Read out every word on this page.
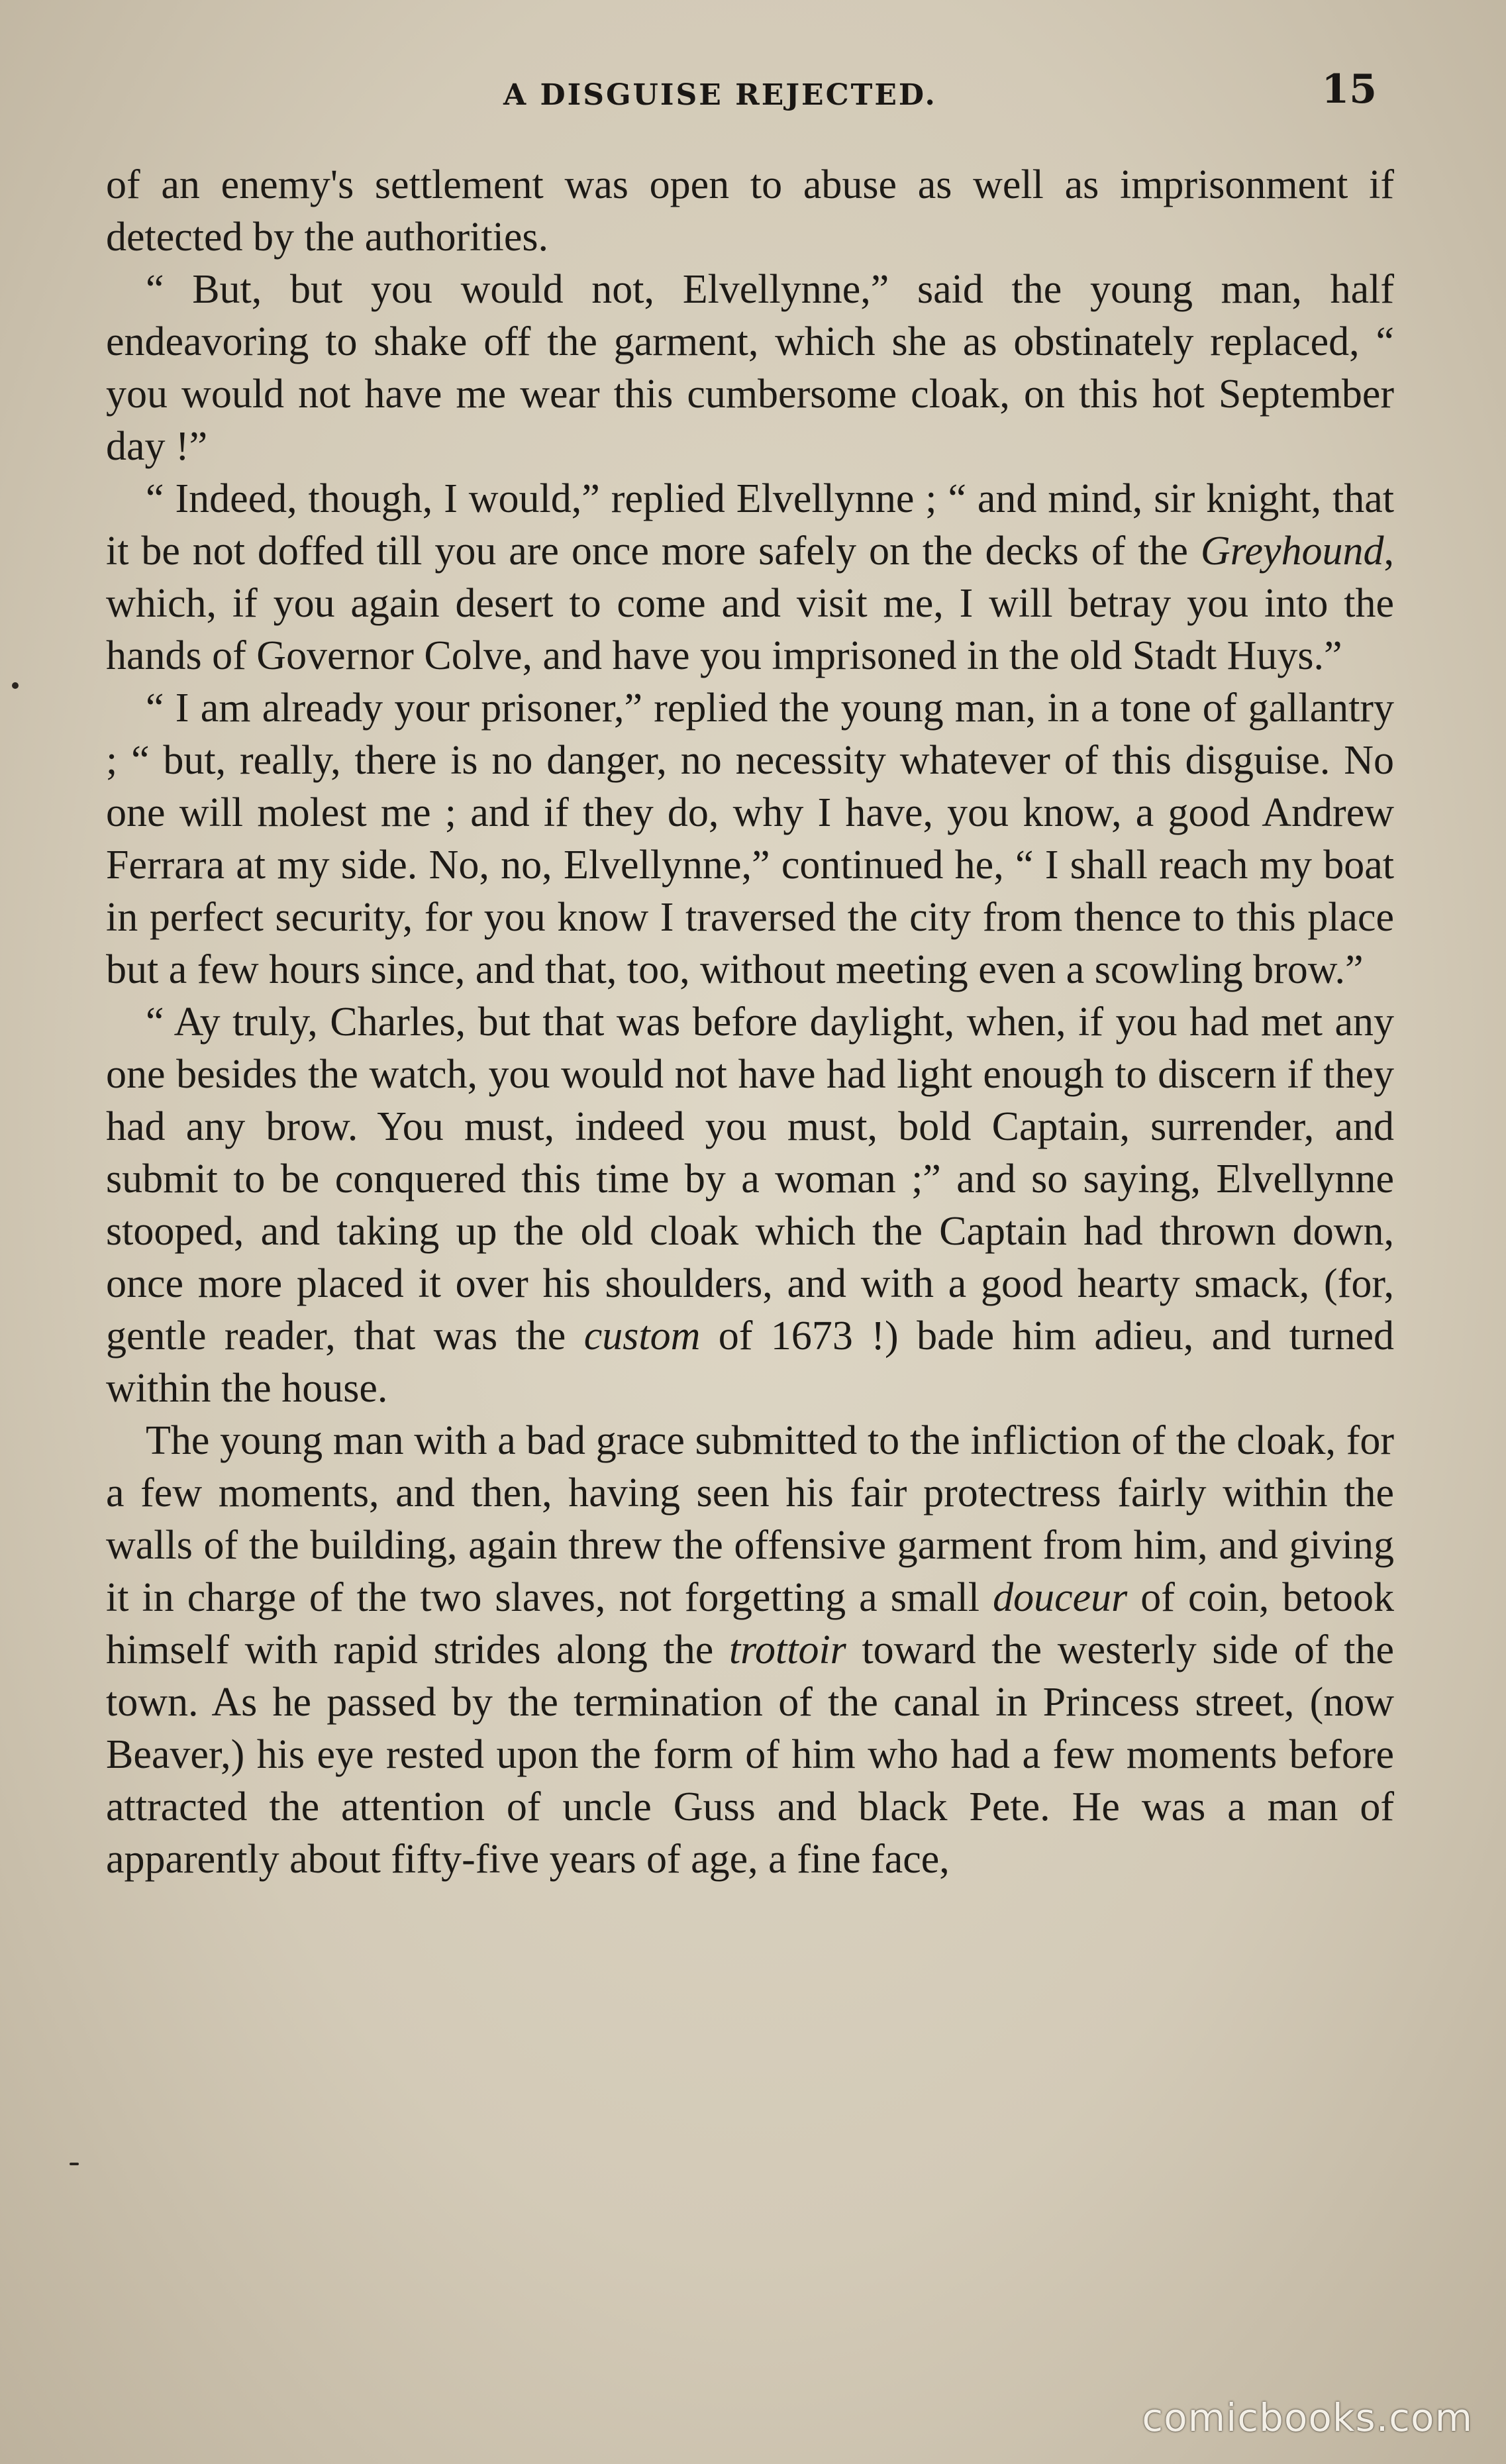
A DISGUISE REJECTED.	15

of an enemy's settlement was open to abuse as well as imprisonment if detected by the authorities.

“ But, but you would not, Elvellynne,” said the young man, half endeavoring to shake off the garment, which she as obstinately replaced, “ you would not have me wear this cumbersome cloak, on this hot September day !”

“ Indeed, though, I would,” replied Elvellynne ; “ and mind, sir knight, that it be not doffed till you are once more safely on the decks of the Greyhound, which, if you again desert to come and visit me, I will betray you into the hands of Governor Colve, and have you imprisoned in the old Stadt Huys.”

“ I am already your prisoner,” replied the young man, in a tone of gallantry ; “ but, really, there is no danger, no necessity whatever of this disguise. No one will molest me ; and if they do, why I have, you know, a good Andrew Ferrara at my side. No, no, Elvellynne,” continued he, “ I shall reach my boat in perfect security, for you know I traversed the city from thence to this place but a few hours since, and that, too, without meeting even a scowling brow.”

“ Ay truly, Charles, but that was before daylight, when, if you had met any one besides the watch, you would not have had light enough to discern if they had any brow. You must, indeed you must, bold Captain, surrender, and submit to be conquered this time by a woman ;” and so saying, Elvellynne stooped, and taking up the old cloak which the Captain had thrown down, once more placed it over his shoulders, and with a good hearty smack, (for, gentle reader, that was the custom of 1673 !) bade him adieu, and turned within the house.

The young man with a bad grace submitted to the infliction of the cloak, for a few moments, and then, having seen his fair protectress fairly within the walls of the building, again threw the offensive garment from him, and giving it in charge of the two slaves, not forgetting a small douceur of coin, betook himself with rapid strides along the trottoir toward the westerly side of the town. As he passed by the termination of the canal in Princess street, (now Beaver,) his eye rested upon the form of him who had a few moments before attracted the attention of uncle Guss and black Pete. He was a man of apparently about fifty-five years of age, a fine face,

comicbooks.com
